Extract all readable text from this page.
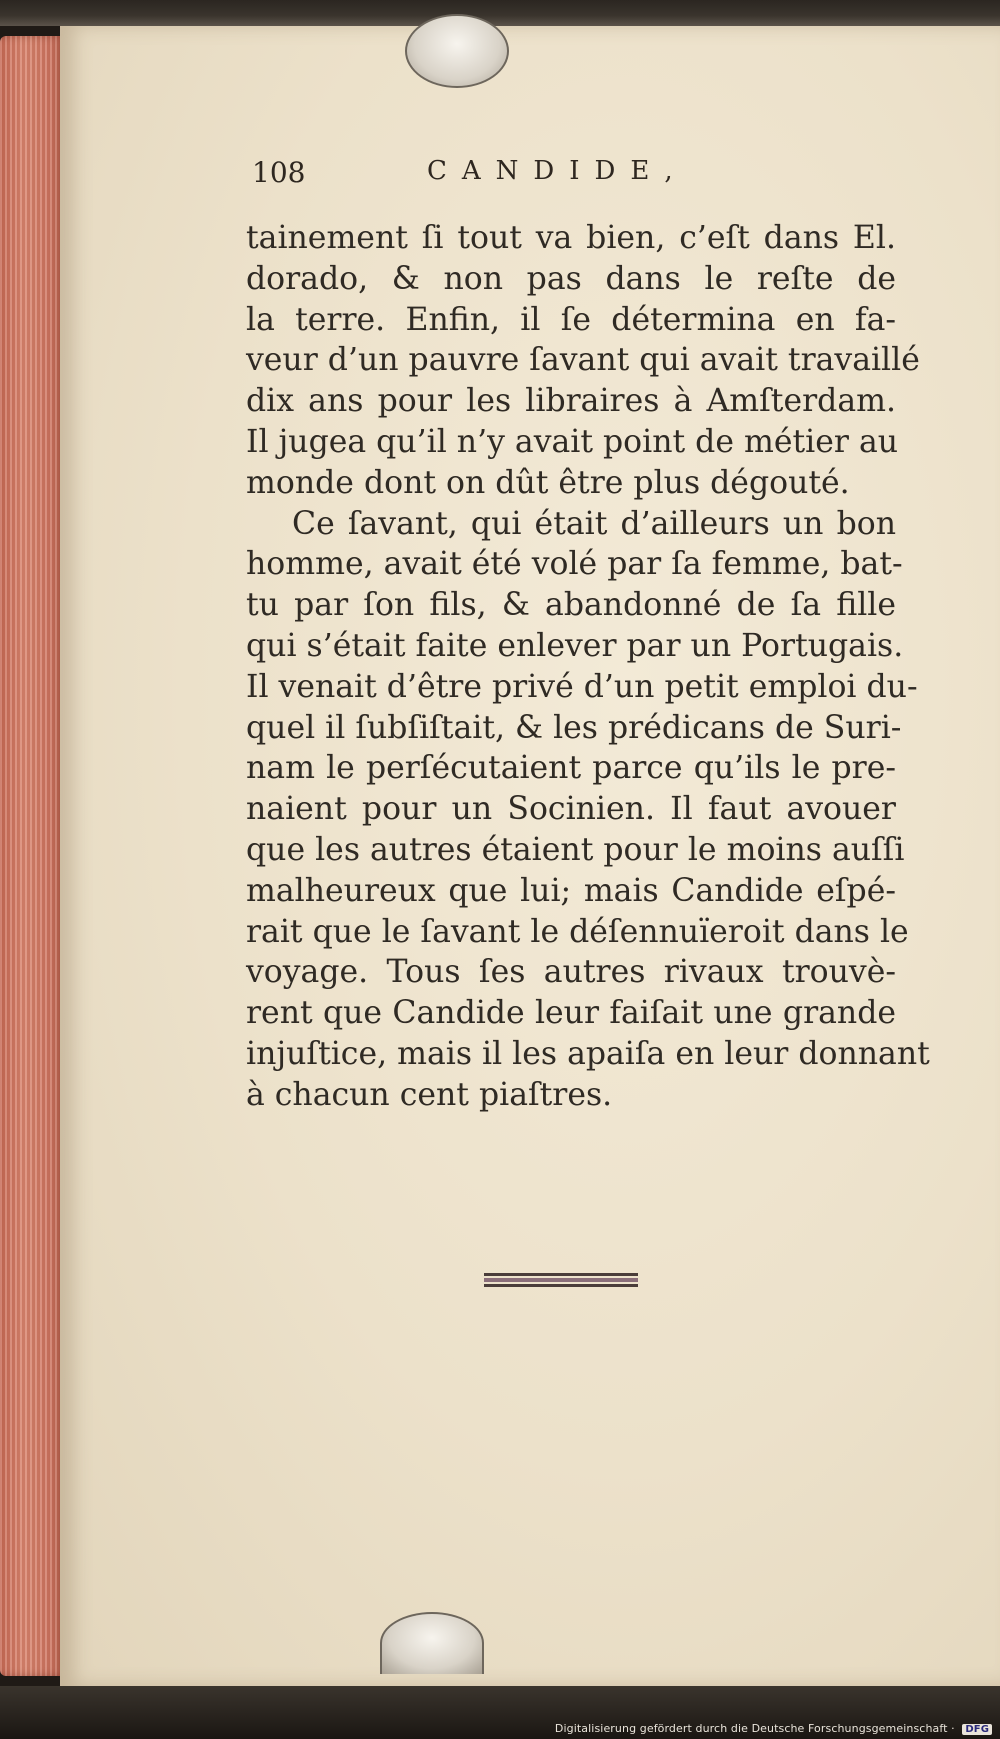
108	CANDIDE,
tainement ſi tout va bien, c’eſt dans El.
dorado, & non pas dans le reſte de
la terre. Enfin, il ſe détermina en fa-
veur d’un pauvre ſavant qui avait travaillé
dix ans pour les libraires à Amſterdam.
Il jugea qu’il n’y avait point de métier au
monde dont on dût être plus dégouté.
Ce ſavant, qui était d’ailleurs un bon
homme, avait été volé par ſa femme, bat-
tu par ſon fils, & abandonné de ſa fille
qui s’était faite enlever par un Portugais.
Il venait d’être privé d’un petit emploi du-
quel il ſubſiſtait, & les prédicans de Suri-
nam le perſécutaient parce qu’ils le pre-
naient pour un Socinien. Il faut avouer
que les autres étaient pour le moins auſſi
malheureux que lui; mais Candide eſpé-
rait que le ſavant le déſennuïeroit dans le
voyage. Tous ſes autres rivaux trouvè-
rent que Candide leur faiſait une grande
injuſtice, mais il les apaiſa en leur donnant
à chacun cent piaſtres.
Digitalisierung gefördert durch die Deutsche Forschungsgemeinschaft · DFG
